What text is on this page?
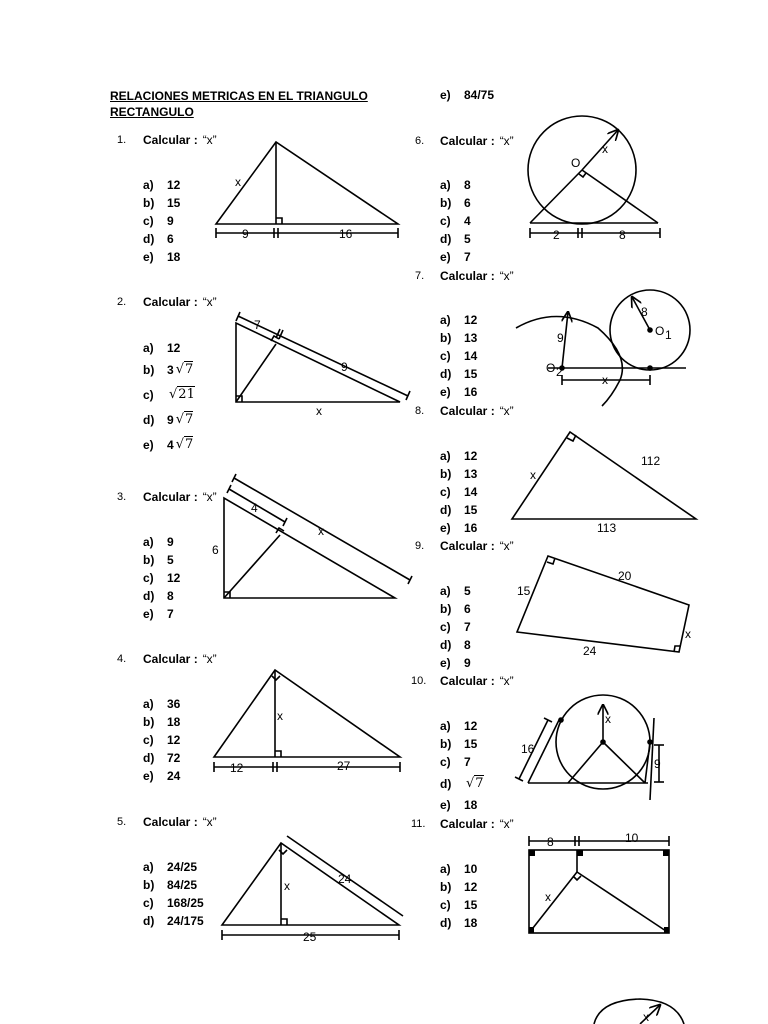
RELACIONES METRICAS EN EL TRIANGULO
RECTANGULO
e)	84/75
1. Calcular : “x”
a)	12
b)	15
c)	9
d)	6
e)	18
2. Calcular : “x”
a)	12
b)	3 √7
c)	√21
d)	9 √7
e)	4 √7
3. Calcular : “x”
a)	9
b)	5
c)	12
d)	8
e)	7
4. Calcular : “x”
a)	36
b)	18
c)	12
d)	72
e)	24
5. Calcular : “x”
a)	24/25
b)	84/25
c)	168/25
d)	24/175
6. Calcular : “x”
a)	8
b)	6
c)	4
d)	5
e)	7
7. Calcular : “x”
a)	12
b)	13
c)	14
d)	15
e)	16
8. Calcular : “x”
a)	12
b)	13
c)	14
d)	15
e)	16
9. Calcular : “x”
a)	5
b)	6
c)	7
d)	8
e)	9
10. Calcular : “x”
a)	12
b)	15
c)	7
d)	√7
e)	18
11. Calcular : “x”
a)	10
b)	12
c)	15
d)	18
x
9	16
7
9
x
4
6
x
x
12	27
x	24
25
O
x
2	8
9
8
O 1
O 2
x
x
112
113
15
20
24
x
16
x
9
8	10
x
x
